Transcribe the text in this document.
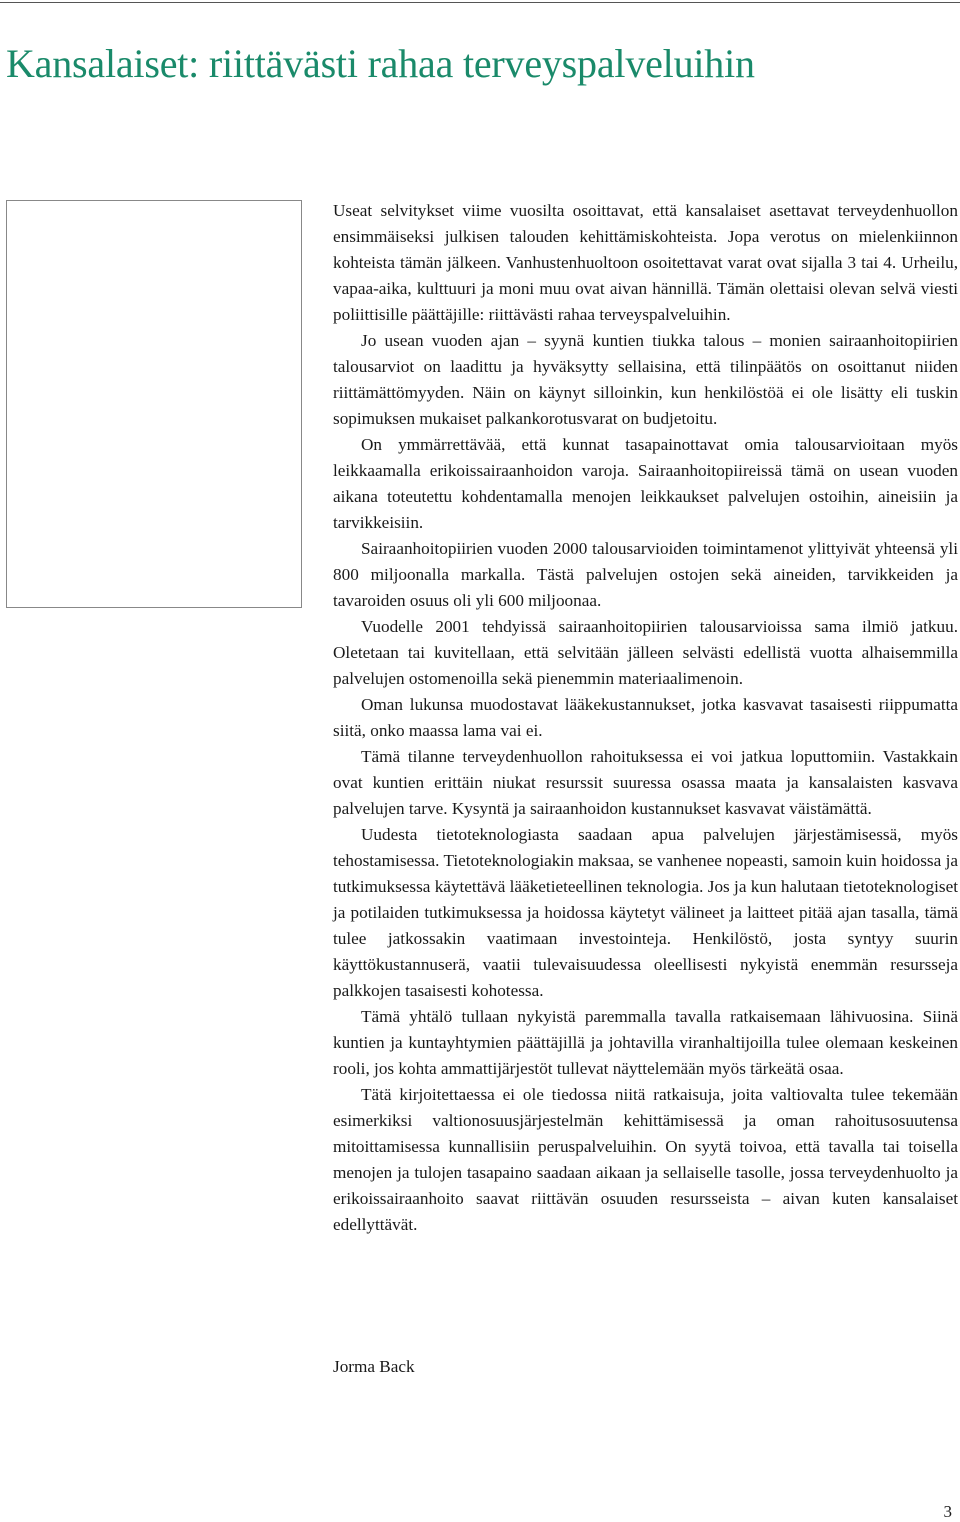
Kansalaiset: riittävästi rahaa terveyspalveluihin

Useat selvitykset viime vuosilta osoittavat, että kansalaiset asettavat terveydenhuollon ensimmäiseksi julkisen talouden kehittämiskohteista. Jopa verotus on mielenkiinnon kohteista tämän jälkeen. Vanhustenhuoltoon osoitettavat varat ovat sijalla 3 tai 4. Urheilu, vapaa-aika, kulttuuri ja moni muu ovat aivan hännillä. Tämän olettaisi olevan selvä viesti poliittisille päättäjille: riittävästi rahaa terveyspalveluihin.

Jo usean vuoden ajan – syynä kuntien tiukka talous – monien sairaanhoitopiirien talousarviot on laadittu ja hyväksytty sellaisina, että tilinpäätös on osoittanut niiden riittämättömyyden. Näin on käynyt silloinkin, kun henkilöstöä ei ole lisätty eli tuskin sopimuksen mukaiset palkankorotusvarat on budjetoitu.

On ymmärrettävää, että kunnat tasapainottavat omia talousarvioitaan myös leikkaamalla erikoissairaanhoidon varoja. Sairaanhoitopiireissä tämä on usean vuoden aikana toteutettu kohdentamalla menojen leikkaukset palvelujen ostoihin, aineisiin ja tarvikkeisiin.

Sairaanhoitopiirien vuoden 2000 talousarvioiden toimintamenot ylittyivät yhteensä yli 800 miljoonalla markalla. Tästä palvelujen ostojen sekä aineiden, tarvikkeiden ja tavaroiden osuus oli yli 600 miljoonaa.

Vuodelle 2001 tehdyissä sairaanhoitopiirien talousarvioissa sama ilmiö jatkuu. Oletetaan tai kuvitellaan, että selvitään jälleen selvästi edellistä vuotta alhaisemmilla palvelujen ostomenoilla sekä pienemmin materiaalimenoin.

Oman lukunsa muodostavat lääkekustannukset, jotka kasvavat tasaisesti riippumatta siitä, onko maassa lama vai ei.

Tämä tilanne terveydenhuollon rahoituksessa ei voi jatkua loputtomiin. Vastakkain ovat kuntien erittäin niukat resurssit suuressa osassa maata ja kansalaisten kasvava palvelujen tarve. Kysyntä ja sairaanhoidon kustannukset kasvavat väistämättä.

Uudesta tietoteknologiasta saadaan apua palvelujen järjestämisessä, myös tehostamisessa. Tietoteknologiakin maksaa, se vanhenee nopeasti, samoin kuin hoidossa ja tutkimuksessa käytettävä lääketieteellinen teknologia. Jos ja kun halutaan tietoteknologiset ja potilaiden tutkimuksessa ja hoidossa käytetyt välineet ja laitteet pitää ajan tasalla, tämä tulee jatkossakin vaatimaan investointeja. Henkilöstö, josta syntyy suurin käyttökustannuserä, vaatii tulevaisuudessa oleellisesti nykyistä enemmän resursseja palkkojen tasaisesti kohotessa.

Tämä yhtälö tullaan nykyistä paremmalla tavalla ratkaisemaan lähivuosina. Siinä kuntien ja kuntayhtymien päättäjillä ja johtavilla viranhaltijoilla tulee olemaan keskeinen rooli, jos kohta ammattijärjestöt tullevat näyttelemään myös tärkeätä osaa.

Tätä kirjoitettaessa ei ole tiedossa niitä ratkaisuja, joita valtiovalta tulee tekemään esimerkiksi valtionosuusjärjestelmän kehittämisessä ja oman rahoitusosuutensa mitoittamisessa kunnallisiin peruspalveluihin. On syytä toivoa, että tavalla tai toisella menojen ja tulojen tasapaino saadaan aikaan ja sellaiselle tasolle, jossa terveydenhuolto ja erikoissairaanhoito saavat riittävän osuuden resursseista – aivan kuten kansalaiset edellyttävät.

Jorma Back
3
